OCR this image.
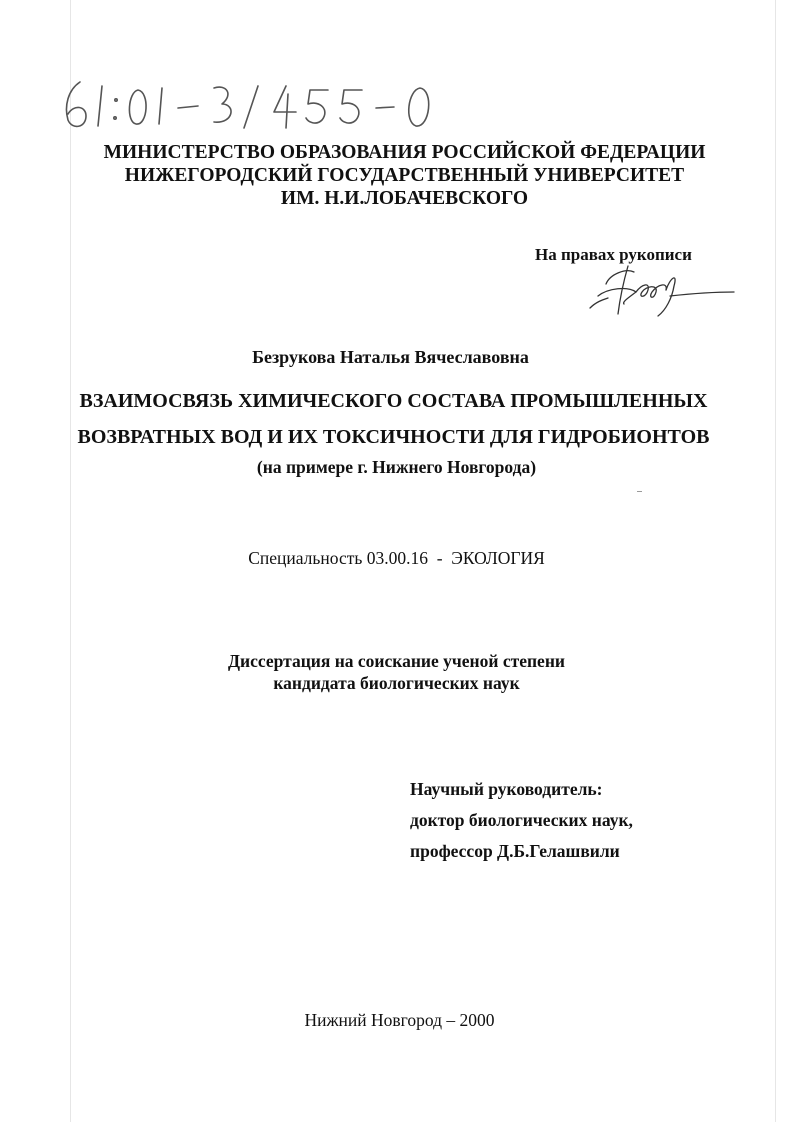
МИНИСТЕРСТВО ОБРАЗОВАНИЯ РОССИЙСКОЙ ФЕДЕРАЦИИ
НИЖЕГОРОДСКИЙ ГОСУДАРСТВЕННЫЙ УНИВЕРСИТЕТ
ИМ. Н.И.ЛОБАЧЕВСКОГО
На правах рукописи
Безрукова Наталья Вячеславовна
ВЗАИМОСВЯЗЬ ХИМИЧЕСКОГО СОСТАВА ПРОМЫШЛЕННЫХ
ВОЗВРАТНЫХ ВОД И ИХ ТОКСИЧНОСТИ ДЛЯ ГИДРОБИОНТОВ
(на примере г. Нижнего Новгорода)
Специальность 03.00.16  -  ЭКОЛОГИЯ
Диссертация на соискание ученой степени
кандидата биологических наук
Научный руководитель:
доктор биологических наук,
профессор Д.Б.Гелашвили
Нижний Новгород – 2000
